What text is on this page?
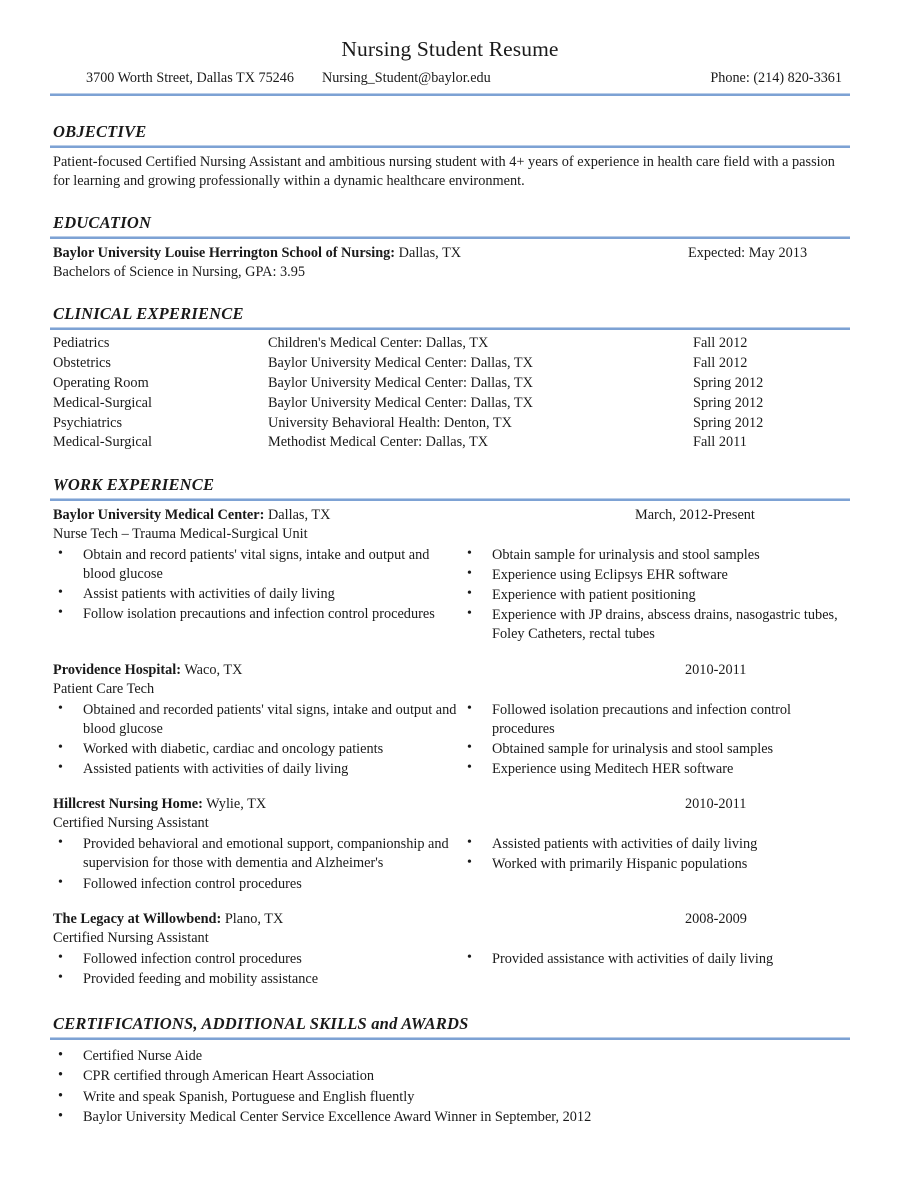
Nursing Student Resume
3700 Worth Street, Dallas TX 75246	Nursing_Student@baylor.edu	Phone: (214) 820-3361
OBJECTIVE

Patient-focused Certified Nursing Assistant and ambitious nursing student with 4+ years of experience in health care field with a passion for learning and growing professionally within a dynamic healthcare environment.

EDUCATION
Baylor University Louise Herrington School of Nursing: Dallas, TX	Expected: May 2013
Bachelors of Science in Nursing, GPA: 3.95
CLINICAL EXPERIENCE
Pediatrics	Children's Medical Center: Dallas, TX	Fall 2012
Obstetrics	Baylor University Medical Center: Dallas, TX	Fall 2012
Operating Room	Baylor University Medical Center: Dallas, TX	Spring 2012
Medical-Surgical	Baylor University Medical Center: Dallas, TX	Spring 2012
Psychiatrics	University Behavioral Health: Denton, TX	Spring 2012
Medical-Surgical	Methodist Medical Center: Dallas, TX	Fall 2011
WORK EXPERIENCE
Baylor University Medical Center: Dallas, TX	March, 2012-Present
Nurse Tech – Trauma Medical-Surgical Unit
• Obtain and record patients' vital signs, intake and output and blood glucose
• Assist patients with activities of daily living
• Follow isolation precautions and infection control procedures
• Obtain sample for urinalysis and stool samples
• Experience using Eclipsys EHR software
• Experience with patient positioning
• Experience with JP drains, abscess drains, nasogastric tubes, Foley Catheters, rectal tubes
Providence Hospital: Waco, TX	2010-2011
Patient Care Tech
• Obtained and recorded patients' vital signs, intake and output and blood glucose
• Worked with diabetic, cardiac and oncology patients
• Assisted patients with activities of daily living
• Followed isolation precautions and infection control procedures
• Obtained sample for urinalysis and stool samples
• Experience using Meditech HER software
Hillcrest Nursing Home: Wylie, TX	2010-2011
Certified Nursing Assistant
• Provided behavioral and emotional support, companionship and supervision for those with dementia and Alzheimer's
• Followed infection control procedures
• Assisted patients with activities of daily living
• Worked with primarily Hispanic populations
The Legacy at Willowbend: Plano, TX	2008-2009
Certified Nursing Assistant
• Followed infection control procedures
• Provided feeding and mobility assistance
• Provided assistance with activities of daily living
CERTIFICATIONS, ADDITIONAL SKILLS and AWARDS
• Certified Nurse Aide
• CPR certified through American Heart Association
• Write and speak Spanish, Portuguese and English fluently
• Baylor University Medical Center Service Excellence Award Winner in September, 2012
